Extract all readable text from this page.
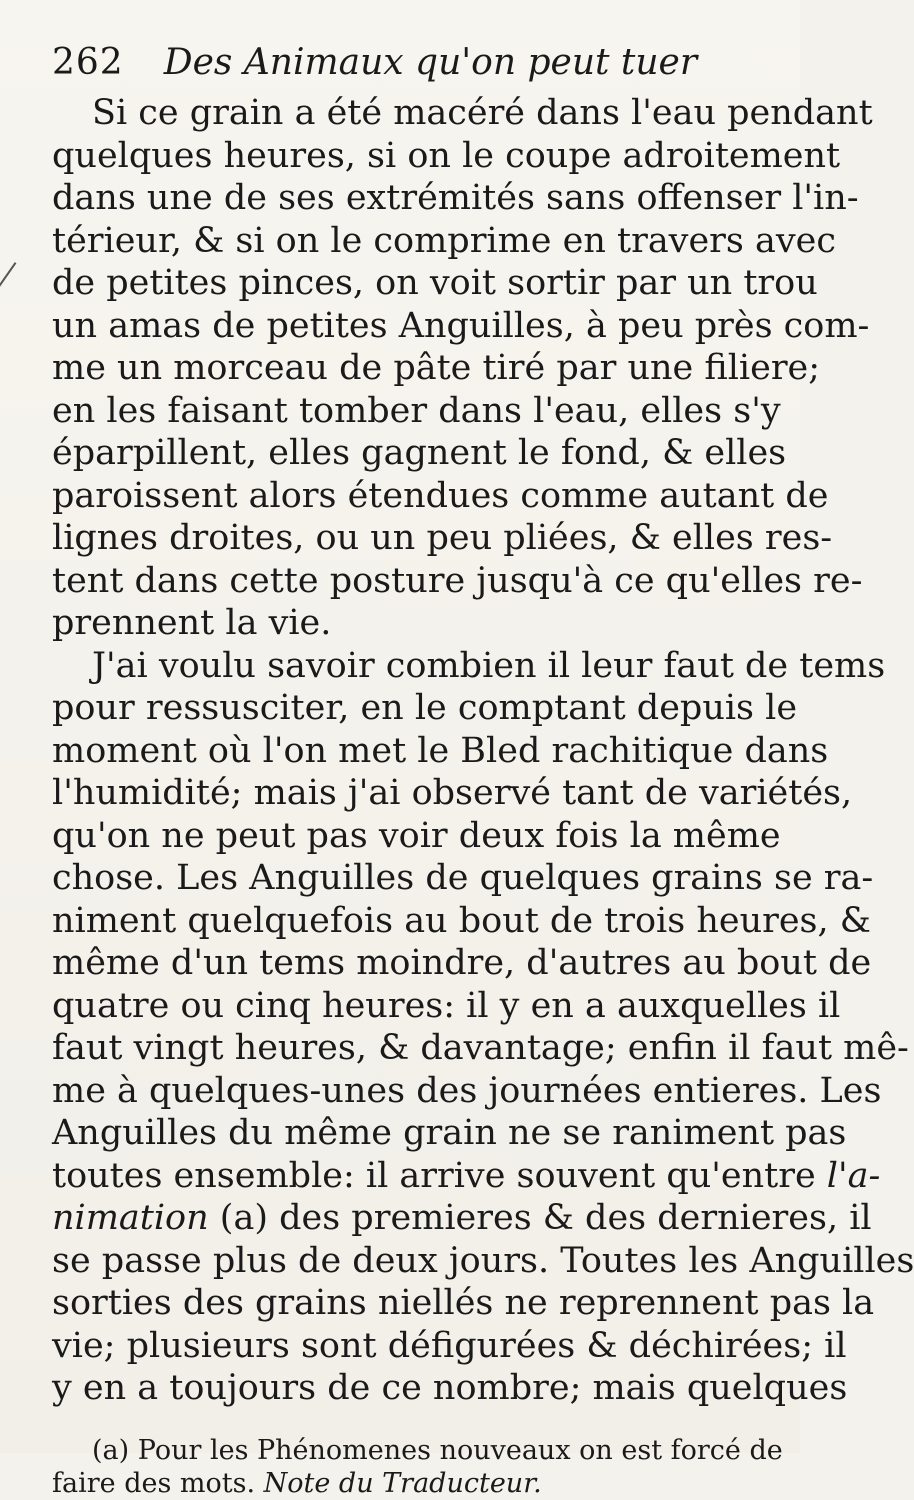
262 Des Animaux qu'on peut tuer
Si ce grain a été macéré dans l'eau pendant
quelques heures, si on le coupe adroitement
dans une de ses extrémités sans offenser l'in-
térieur, & si on le comprime en travers avec
de petites pinces, on voit sortir par un trou
un amas de petites Anguilles, à peu près com-
me un morceau de pâte tiré par une filiere;
en les faisant tomber dans l'eau, elles s'y
éparpillent, elles gagnent le fond, & elles
paroissent alors étendues comme autant de
lignes droites, ou un peu pliées, & elles res-
tent dans cette posture jusqu'à ce qu'elles re-
prennent la vie.
J'ai voulu savoir combien il leur faut de tems
pour ressusciter, en le comptant depuis le
moment où l'on met le Bled rachitique dans
l'humidité; mais j'ai observé tant de variétés,
qu'on ne peut pas voir deux fois la même
chose. Les Anguilles de quelques grains se ra-
niment quelquefois au bout de trois heures, &
même d'un tems moindre, d'autres au bout de
quatre ou cinq heures: il y en a auxquelles il
faut vingt heures, & davantage; enfin il faut mê-
me à quelques-unes des journées entieres. Les
Anguilles du même grain ne se raniment pas
toutes ensemble: il arrive souvent qu'entre l'a-
nimation (a) des premieres & des dernieres, il
se passe plus de deux jours. Toutes les Anguilles
sorties des grains niellés ne reprennent pas la
vie; plusieurs sont défigurées & déchirées; il
y en a toujours de ce nombre; mais quelques
(a) Pour les Phénomenes nouveaux on est forcé de
faire des mots. Note du Traducteur.
